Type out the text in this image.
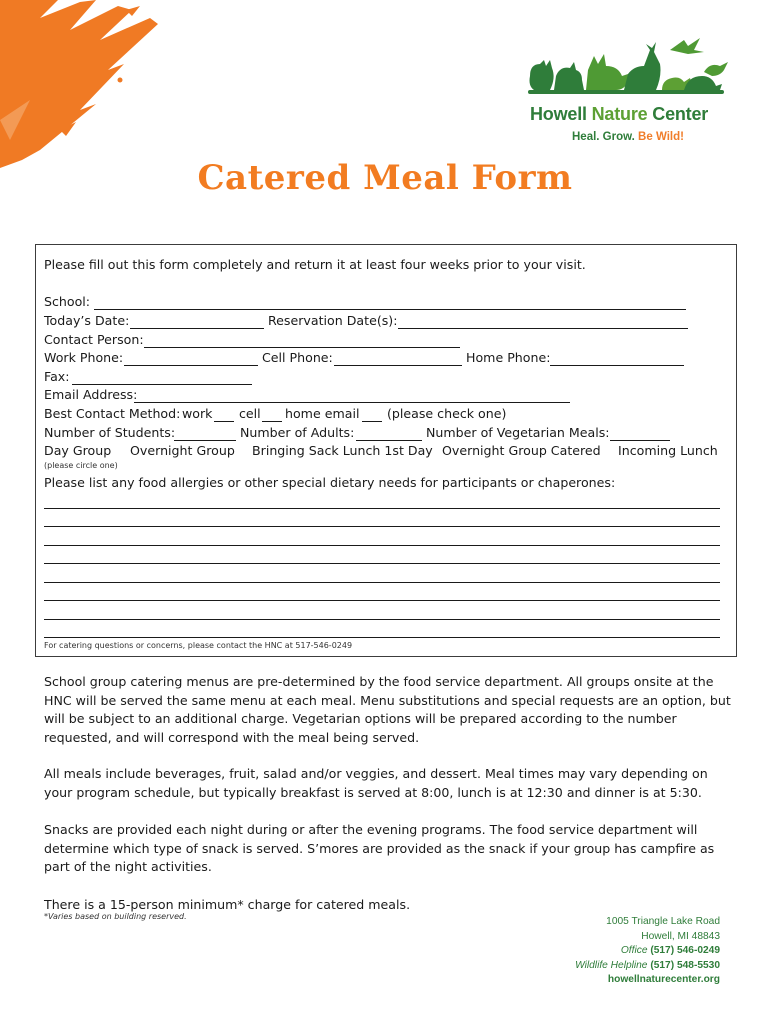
Howell Nature Center
Heal. Grow. Be Wild!
Catered Meal Form
Please fill out this form completely and return it at least four weeks prior to your visit.
School:
Today’s Date:	Reservation Date(s):
Contact Person:
Work Phone:	Cell Phone:	Home Phone:
Fax:
Email Address:
Best Contact Method: work cell home email (please check one)
Number of Students:	Number of Adults:	Number of Vegetarian Meals:
Day Group Overnight Group Bringing Sack Lunch 1st Day Overnight Group Catered Incoming Lunch
(please circle one)
Please list any food allergies or other special dietary needs for participants or chaperones:
For catering questions or concerns, please contact the HNC at 517-546-0249
School group catering menus are pre-determined by the food service department. All groups onsite at the HNC will be served the same menu at each meal. Menu substitutions and special requests are an option, but will be subject to an additional charge. Vegetarian options will be prepared according to the number requested, and will correspond with the meal being served.
All meals include beverages, fruit, salad and/or veggies, and dessert. Meal times may vary depending on your program schedule, but typically breakfast is served at 8:00, lunch is at 12:30 and dinner is at 5:30.
Snacks are provided each night during or after the evening programs. The food service department will determine which type of snack is served. S’mores are provided as the snack if your group has campfire as part of the night activities.
There is a 15-person minimum* charge for catered meals.
*Varies based on building reserved.	1005 Triangle Lake Road
Howell, MI 48843
Office (517) 546-0249
Wildlife Helpline (517) 548-5530
howellnaturecenter.org
